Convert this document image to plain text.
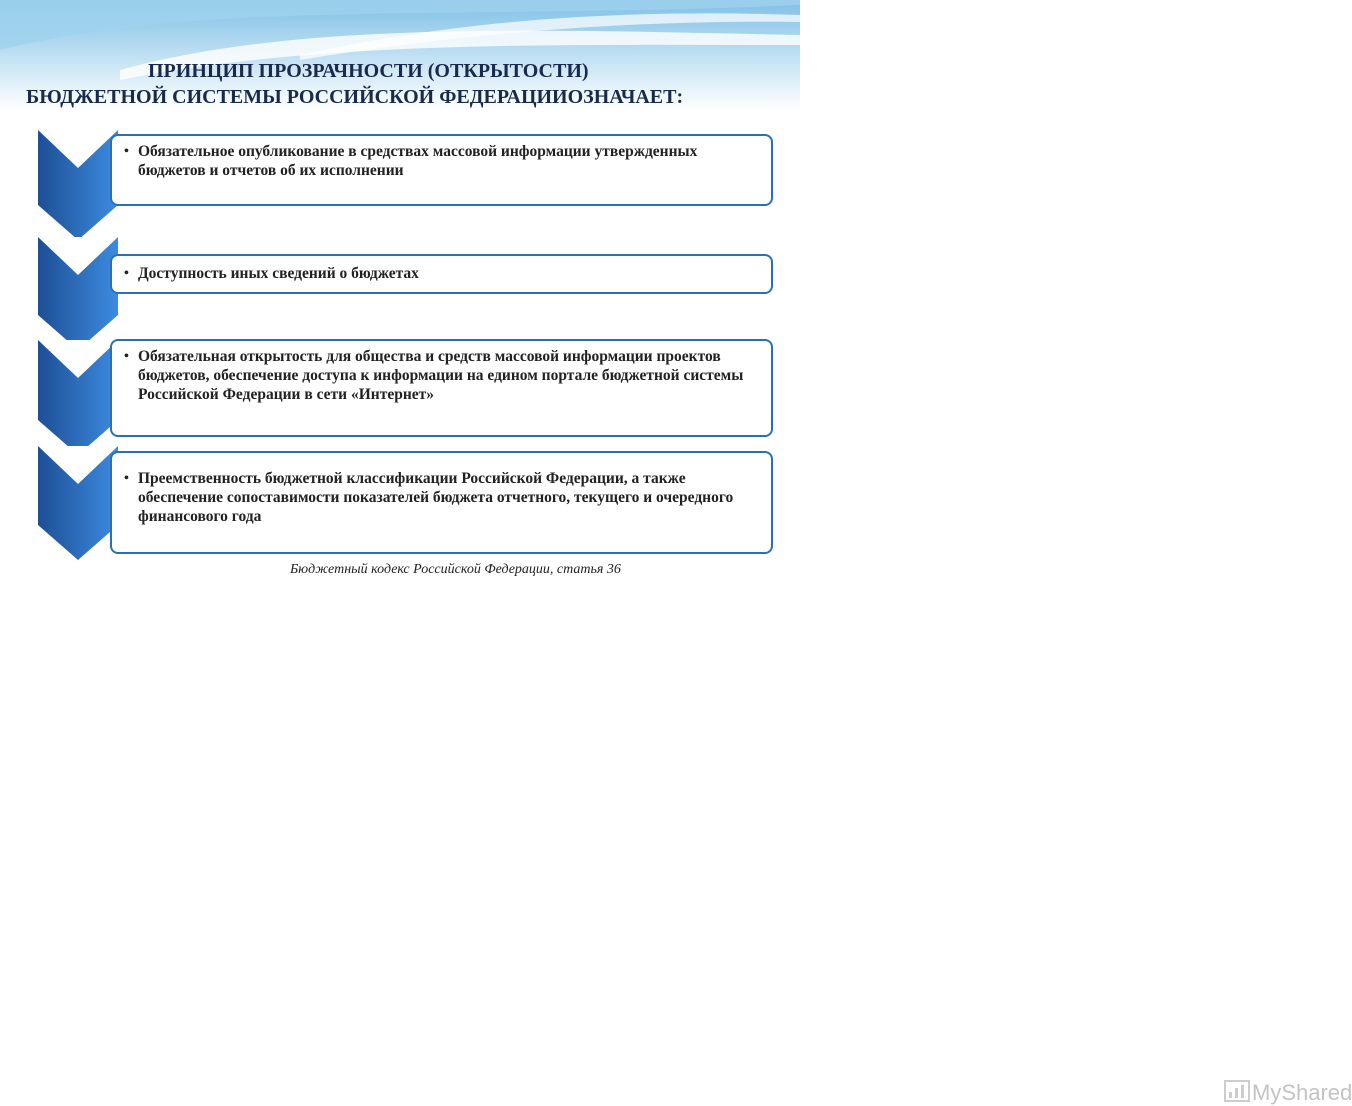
ПРИНЦИП ПРОЗРАЧНОСТИ (ОТКРЫТОСТИ)
БЮДЖЕТНОЙ СИСТЕМЫ РОССИЙСКОЙ ФЕДЕРАЦИИОЗНАЧАЕТ:
• Обязательное опубликование в средствах массовой информации утвержденных бюджетов и отчетов об их исполнении
• Доступность иных сведений о бюджетах
• Обязательная открытость для общества и средств массовой информации проектов бюджетов, обеспечение доступа к информации на едином портале бюджетной системы Российской Федерации в сети «Интернет»
• Преемственность бюджетной классификации Российской Федерации, а также обеспечение сопоставимости показателей бюджета отчетного, текущего и очередного финансового года
MyShared
Бюджетный кодекс Российской Федерации, статья 36
